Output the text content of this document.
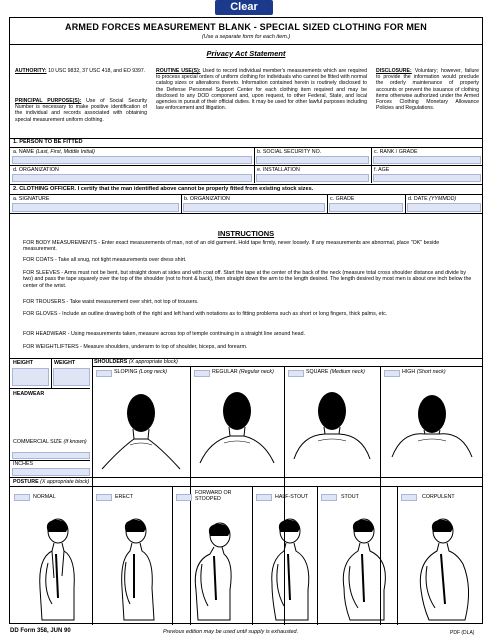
Clear
ARMED FORCES MEASUREMENT BLANK - SPECIAL SIZED CLOTHING FOR MEN
(Use a separate form for each item.)
Privacy Act Statement
AUTHORITY: 10 USC 9832, 37 USC 418, and EO 9397.
PRINCIPAL PURPOSE(S): Use of Social Security Number is necessary to make positive identification of the individual and records associated with obtaining special measurement uniform clothing.
ROUTINE USE(S): Used to record individual member's measurements which are required to process special orders of uniform clothing for individuals who cannot be fitted with normal catalog sizes or alterations thereto. Information contained herein is routinely disclosed to the Defense Personnel Support Center for each clothing item required and may be disclosed to any DOD component and, upon request, to other Federal, State, and local agencies in pursuit of their official duties. It may be used for other lawful purposes including law enforcement and litigation.
DISCLOSURE: Voluntary; however, failure to provide the information would preclude the orderly maintenance of property accounts or prevent the issuance of clothing items otherwise authorized under the Armed Forces Clothing Monetary Allowance Policies and Regulations.
1. PERSON TO BE FITTED
a. NAME (Last, First, Middle Initial)	b. SOCIAL SECURITY NO.	c. RANK / GRADE
d. ORGANIZATION	e. INSTALLATION	f. AGE
2. CLOTHING OFFICER. I certify that the man identified above cannot be properly fitted from existing stock sizes.
a. SIGNATURE	b. ORGANIZATION	c. GRADE	d. DATE (YYMMDD)
INSTRUCTIONS
FOR BODY MEASUREMENTS - Enter exact measurements of man, not of an old garment. Hold tape firmly, never loosely. If any measurements are abnormal, place "OK" beside measurement.
FOR COATS - Take all snug, not tight measurements over dress shirt.
FOR SLEEVES - Arms must not be bent, but straight down at sides and with coat off. Start the tape at the center of the back of the neck (measure total cross shoulder distance and divide by two) and pass the tape squarely over the top of the shoulder (not to front & back), then straight down the arm to the length desired. The length desired by most men is about one inch below the center of the wrist.
FOR TROUSERS - Take waist measurement over shirt, not top of trousers.
FOR GLOVES - Include an outline drawing both of the right and left hand with notations as to fitting problems such as short or long fingers, thick palms, etc.
FOR HEADWEAR - Using measurements taken, measure across top of temple continuing in a straight line around head.
FOR WEIGHTLIFTERS - Measure shoulders, underarm to top of shoulder, biceps, and forearm.
HEIGHT	WEIGHT	SHOULDERS (X appropriate block)
SLOPING (Long neck)	REGULAR (Regular neck)	SQUARE (Medium neck)	HIGH (Short neck)
HEADWEAR
COMMERCIAL SIZE (If known)
INCHES
POSTURE (X appropriate block)
NORMAL	ERECT
FORWARD OR STOOPED	HALF-STOUT	STOUT	CORPULENT
DD Form 358, JUN 90	Previous edition may be used until supply is exhausted.	PDF (DLA)
